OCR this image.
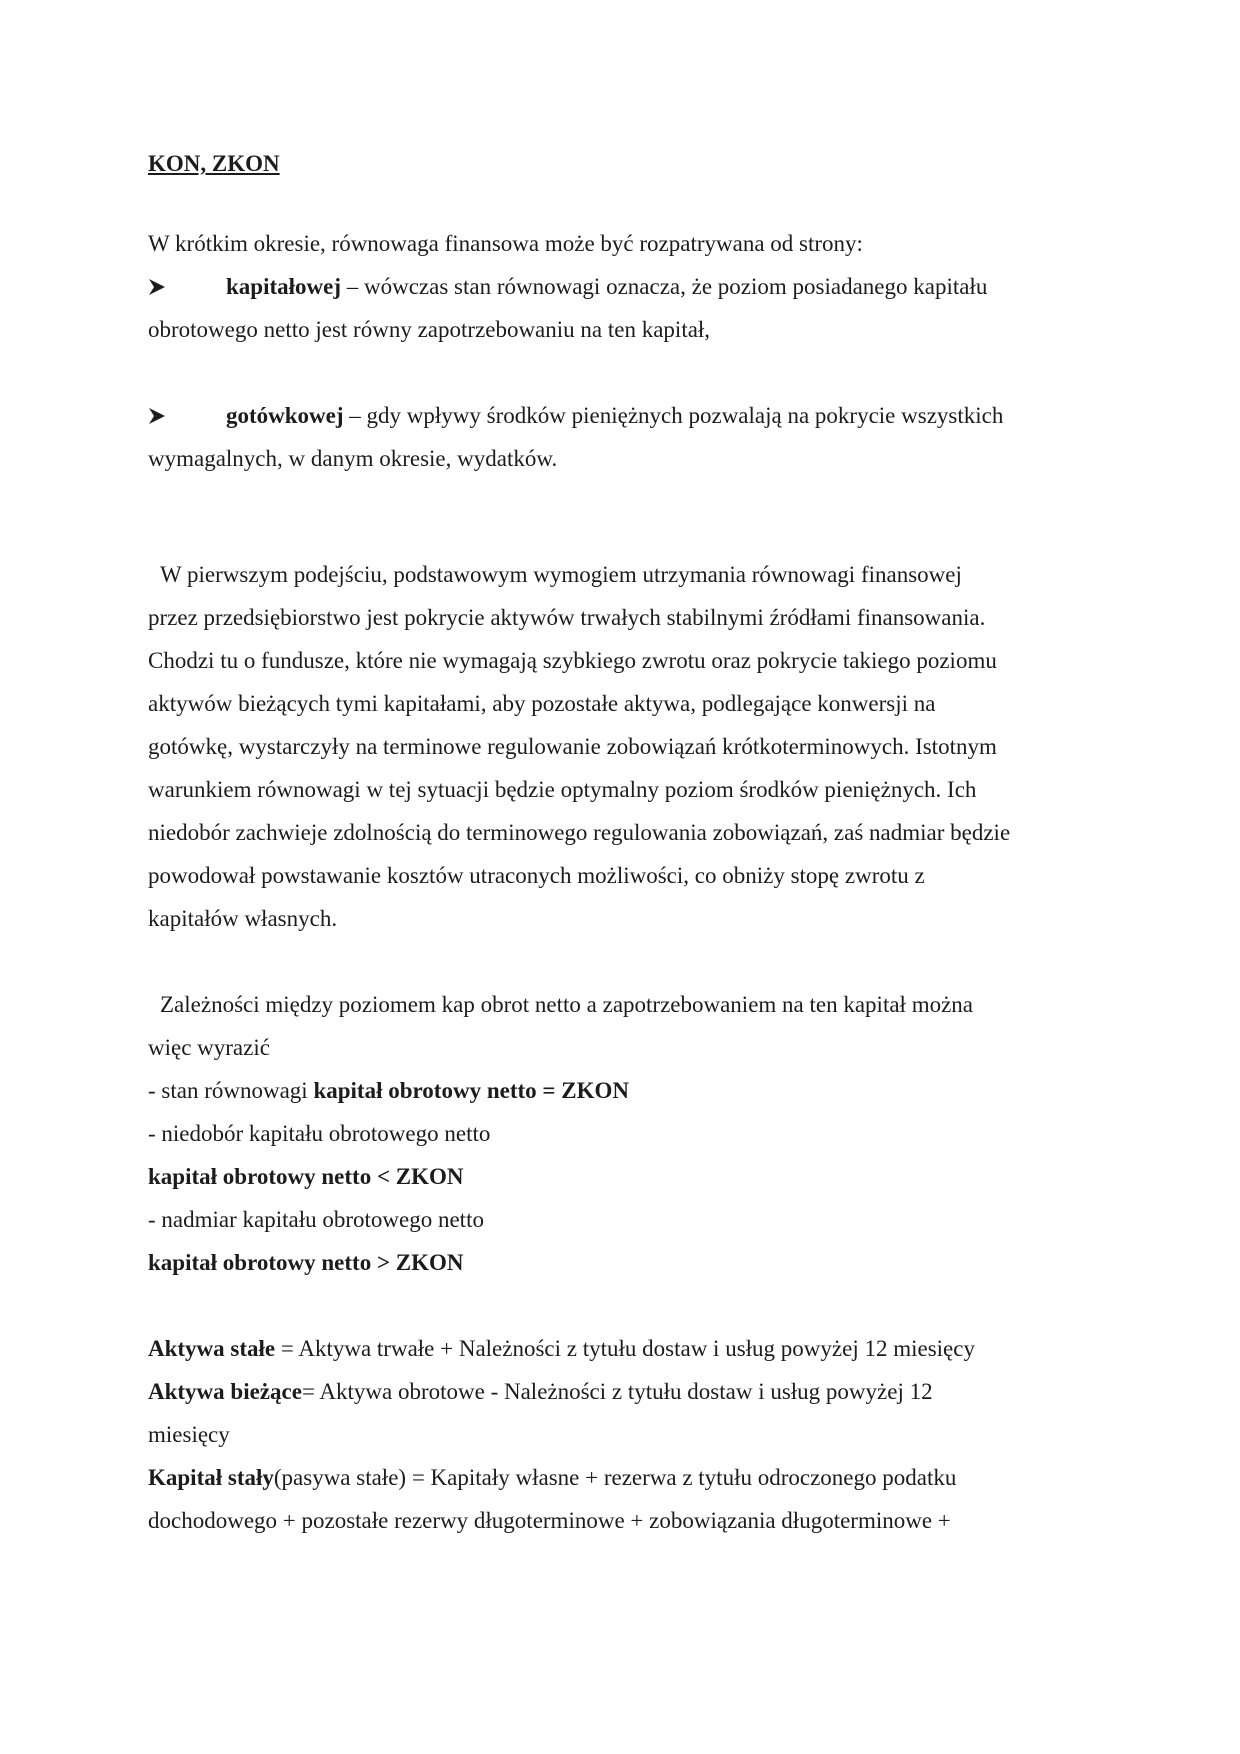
KON, ZKON

W krótkim okresie, równowaga finansowa może być rozpatrywana od strony:

kapitałowej – wówczas stan równowagi oznacza, że poziom posiadanego kapitału

obrotowego netto jest równy zapotrzebowaniu na ten kapitał,

gotówkowej – gdy wpływy środków pieniężnych pozwalają na pokrycie wszystkich

wymagalnych, w danym okresie, wydatków.

W pierwszym podejściu, podstawowym wymogiem utrzymania równowagi finansowej

przez przedsiębiorstwo jest pokrycie aktywów trwałych stabilnymi źródłami finansowania.

Chodzi tu o fundusze, które nie wymagają szybkiego zwrotu oraz pokrycie takiego poziomu

aktywów bieżących tymi kapitałami, aby pozostałe aktywa, podlegające konwersji na

gotówkę, wystarczyły na terminowe regulowanie zobowiązań krótkoterminowych. Istotnym

warunkiem równowagi w tej sytuacji będzie optymalny poziom środków pieniężnych. Ich

niedobór zachwieje zdolnością do terminowego regulowania zobowiązań, zaś nadmiar będzie

powodował powstawanie kosztów utraconych możliwości, co obniży stopę zwrotu z

kapitałów własnych.

Zależności między poziomem kap obrot netto a zapotrzebowaniem na ten kapitał można

więc wyrazić

- stan równowagi kapitał obrotowy netto = ZKON

- niedobór kapitału obrotowego netto

kapitał obrotowy netto < ZKON

- nadmiar kapitału obrotowego netto

kapitał obrotowy netto > ZKON

Aktywa stałe = Aktywa trwałe + Należności z tytułu dostaw i usług powyżej 12 miesięcy

Aktywa bieżące= Aktywa obrotowe - Należności z tytułu dostaw i usług powyżej 12

miesięcy

Kapitał stały(pasywa stałe) = Kapitały własne + rezerwa z tytułu odroczonego podatku

dochodowego + pozostałe rezerwy długoterminowe + zobowiązania długoterminowe +
